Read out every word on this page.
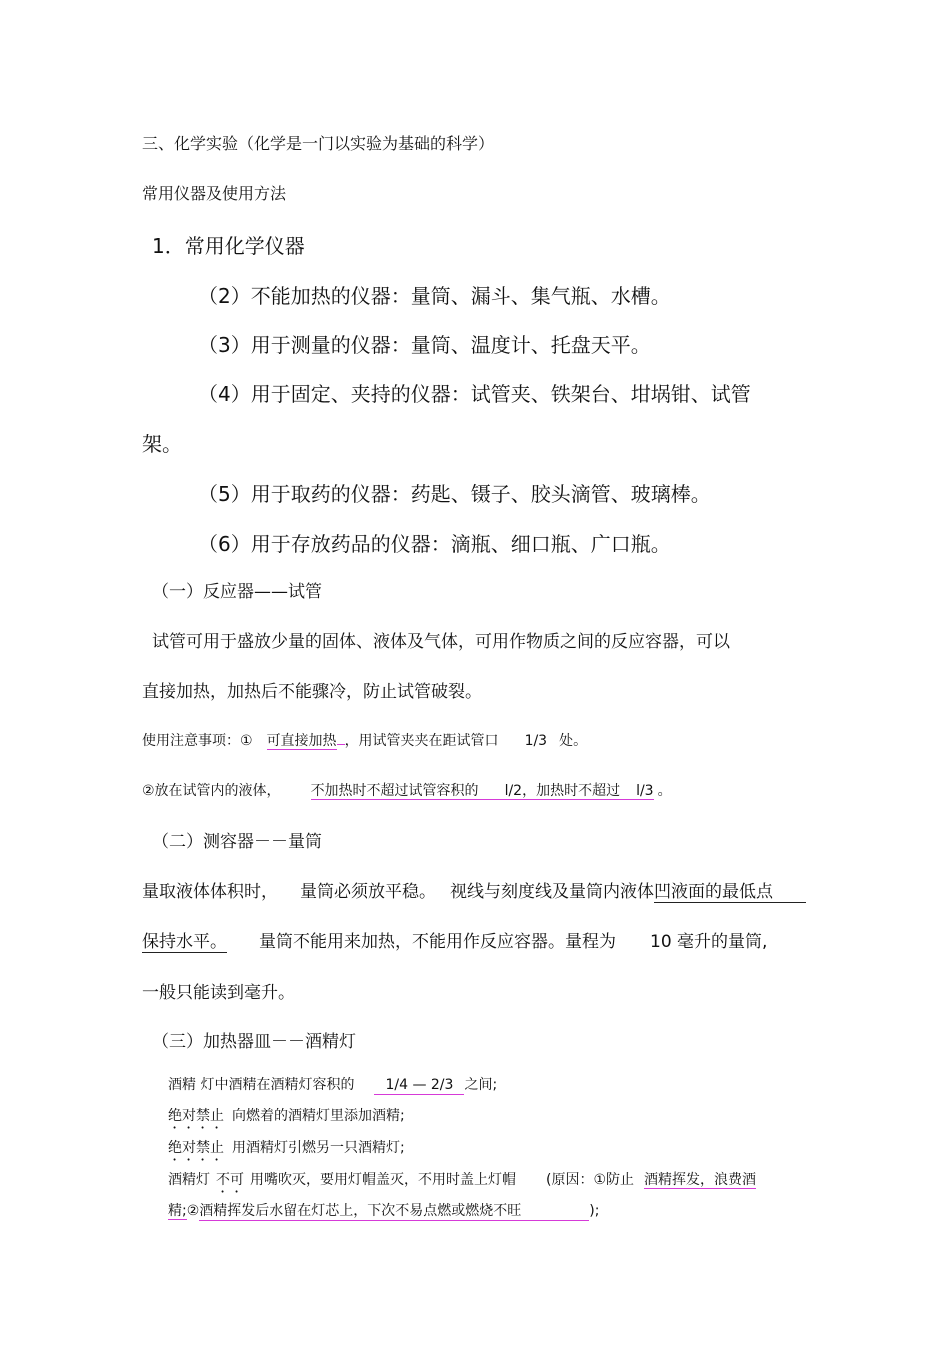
三、化学实验（化学是一门以实验为基础的科学）
常用仪器及使用方法
1．常用化学仪器
（2）不能加热的仪器：量筒、漏斗、集气瓶、水槽。
（3）用于测量的仪器：量筒、温度计、托盘天平。
（4）用于固定、夹持的仪器：试管夹、铁架台、坩埚钳、试管
架。
（5）用于取药的仪器：药匙、镊子、胶头滴管、玻璃棒。
（6）用于存放药品的仪器：滴瓶、细口瓶、广口瓶。
（一）反应器——试管
试管可用于盛放少量的固体、液体及气体，可用作物质之间的反应容器，可以
直接加热，加热后不能骤冷，防止试管破裂。
使用注意事项：① 可直接加热 ，用试管夹夹在距试管口 1/3 处。
②放在试管内的液体， 不加热时不超过试管容积的 l/2，加热时不超过 l/3 。
（二）测容器－－量筒
量取液体体积时， 量筒必须放平稳。 视线与刻度线及量筒内液体凹液面的最低点
保持水平。 量筒不能用来加热，不能用作反应容器。量程为 10 毫升的量筒,
一般只能读到毫升。
（三）加热器皿－－酒精灯
酒精 灯中酒精在酒精灯容积的 1/4 — 2/3 之间;
绝对禁止 向燃着的酒精灯里添加酒精;
绝对禁止 用酒精灯引燃另一只酒精灯;
酒精灯 不可 用嘴吹灭，要用灯帽盖灭，不用时盖上灯帽 (原因：①防止 酒精挥发，浪费酒
精;②酒精挥发后水留在灯芯上，下次不易点燃或燃烧不旺	);
